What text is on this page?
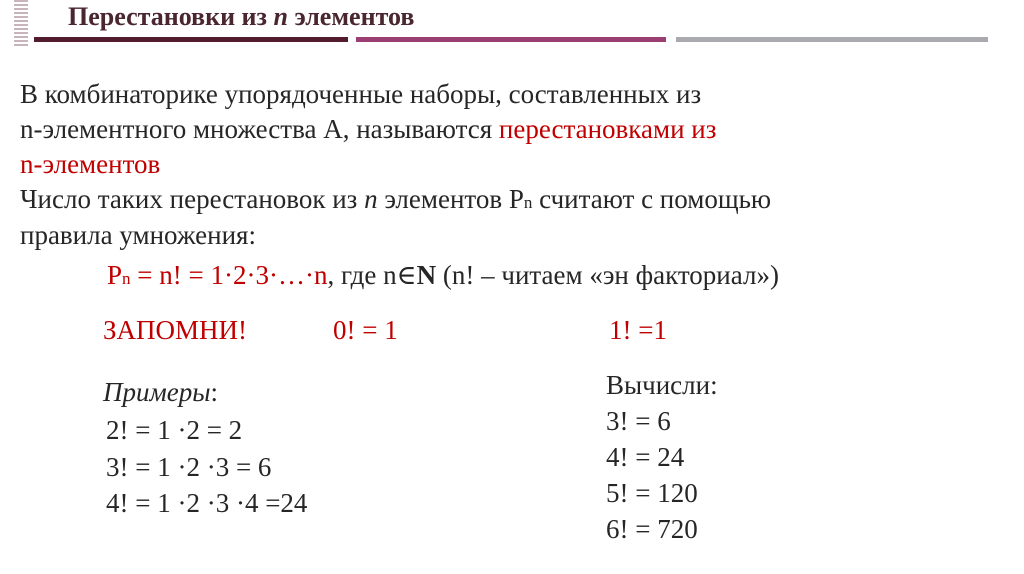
Перестановки из n элементов
В комбинаторике упорядоченные наборы, составленных из
n-элементного множества А, называются перестановками из
n-элементов
Число таких перестановок из n элементов Pn считают с помощью
правила умножения:
Pn = n! = 1·2·3·…·n, где n∈N (n! – читаем «эн факториал»)
ЗАПОМНИ!	0! = 1	1! =1
Примеры:
2! = 1 ·2 = 2
3! = 1 ·2 ·3 = 6
4! = 1 ·2 ·3 ·4 =24
Вычисли:
3! = 6
4! = 24
5! = 120
6! = 720
